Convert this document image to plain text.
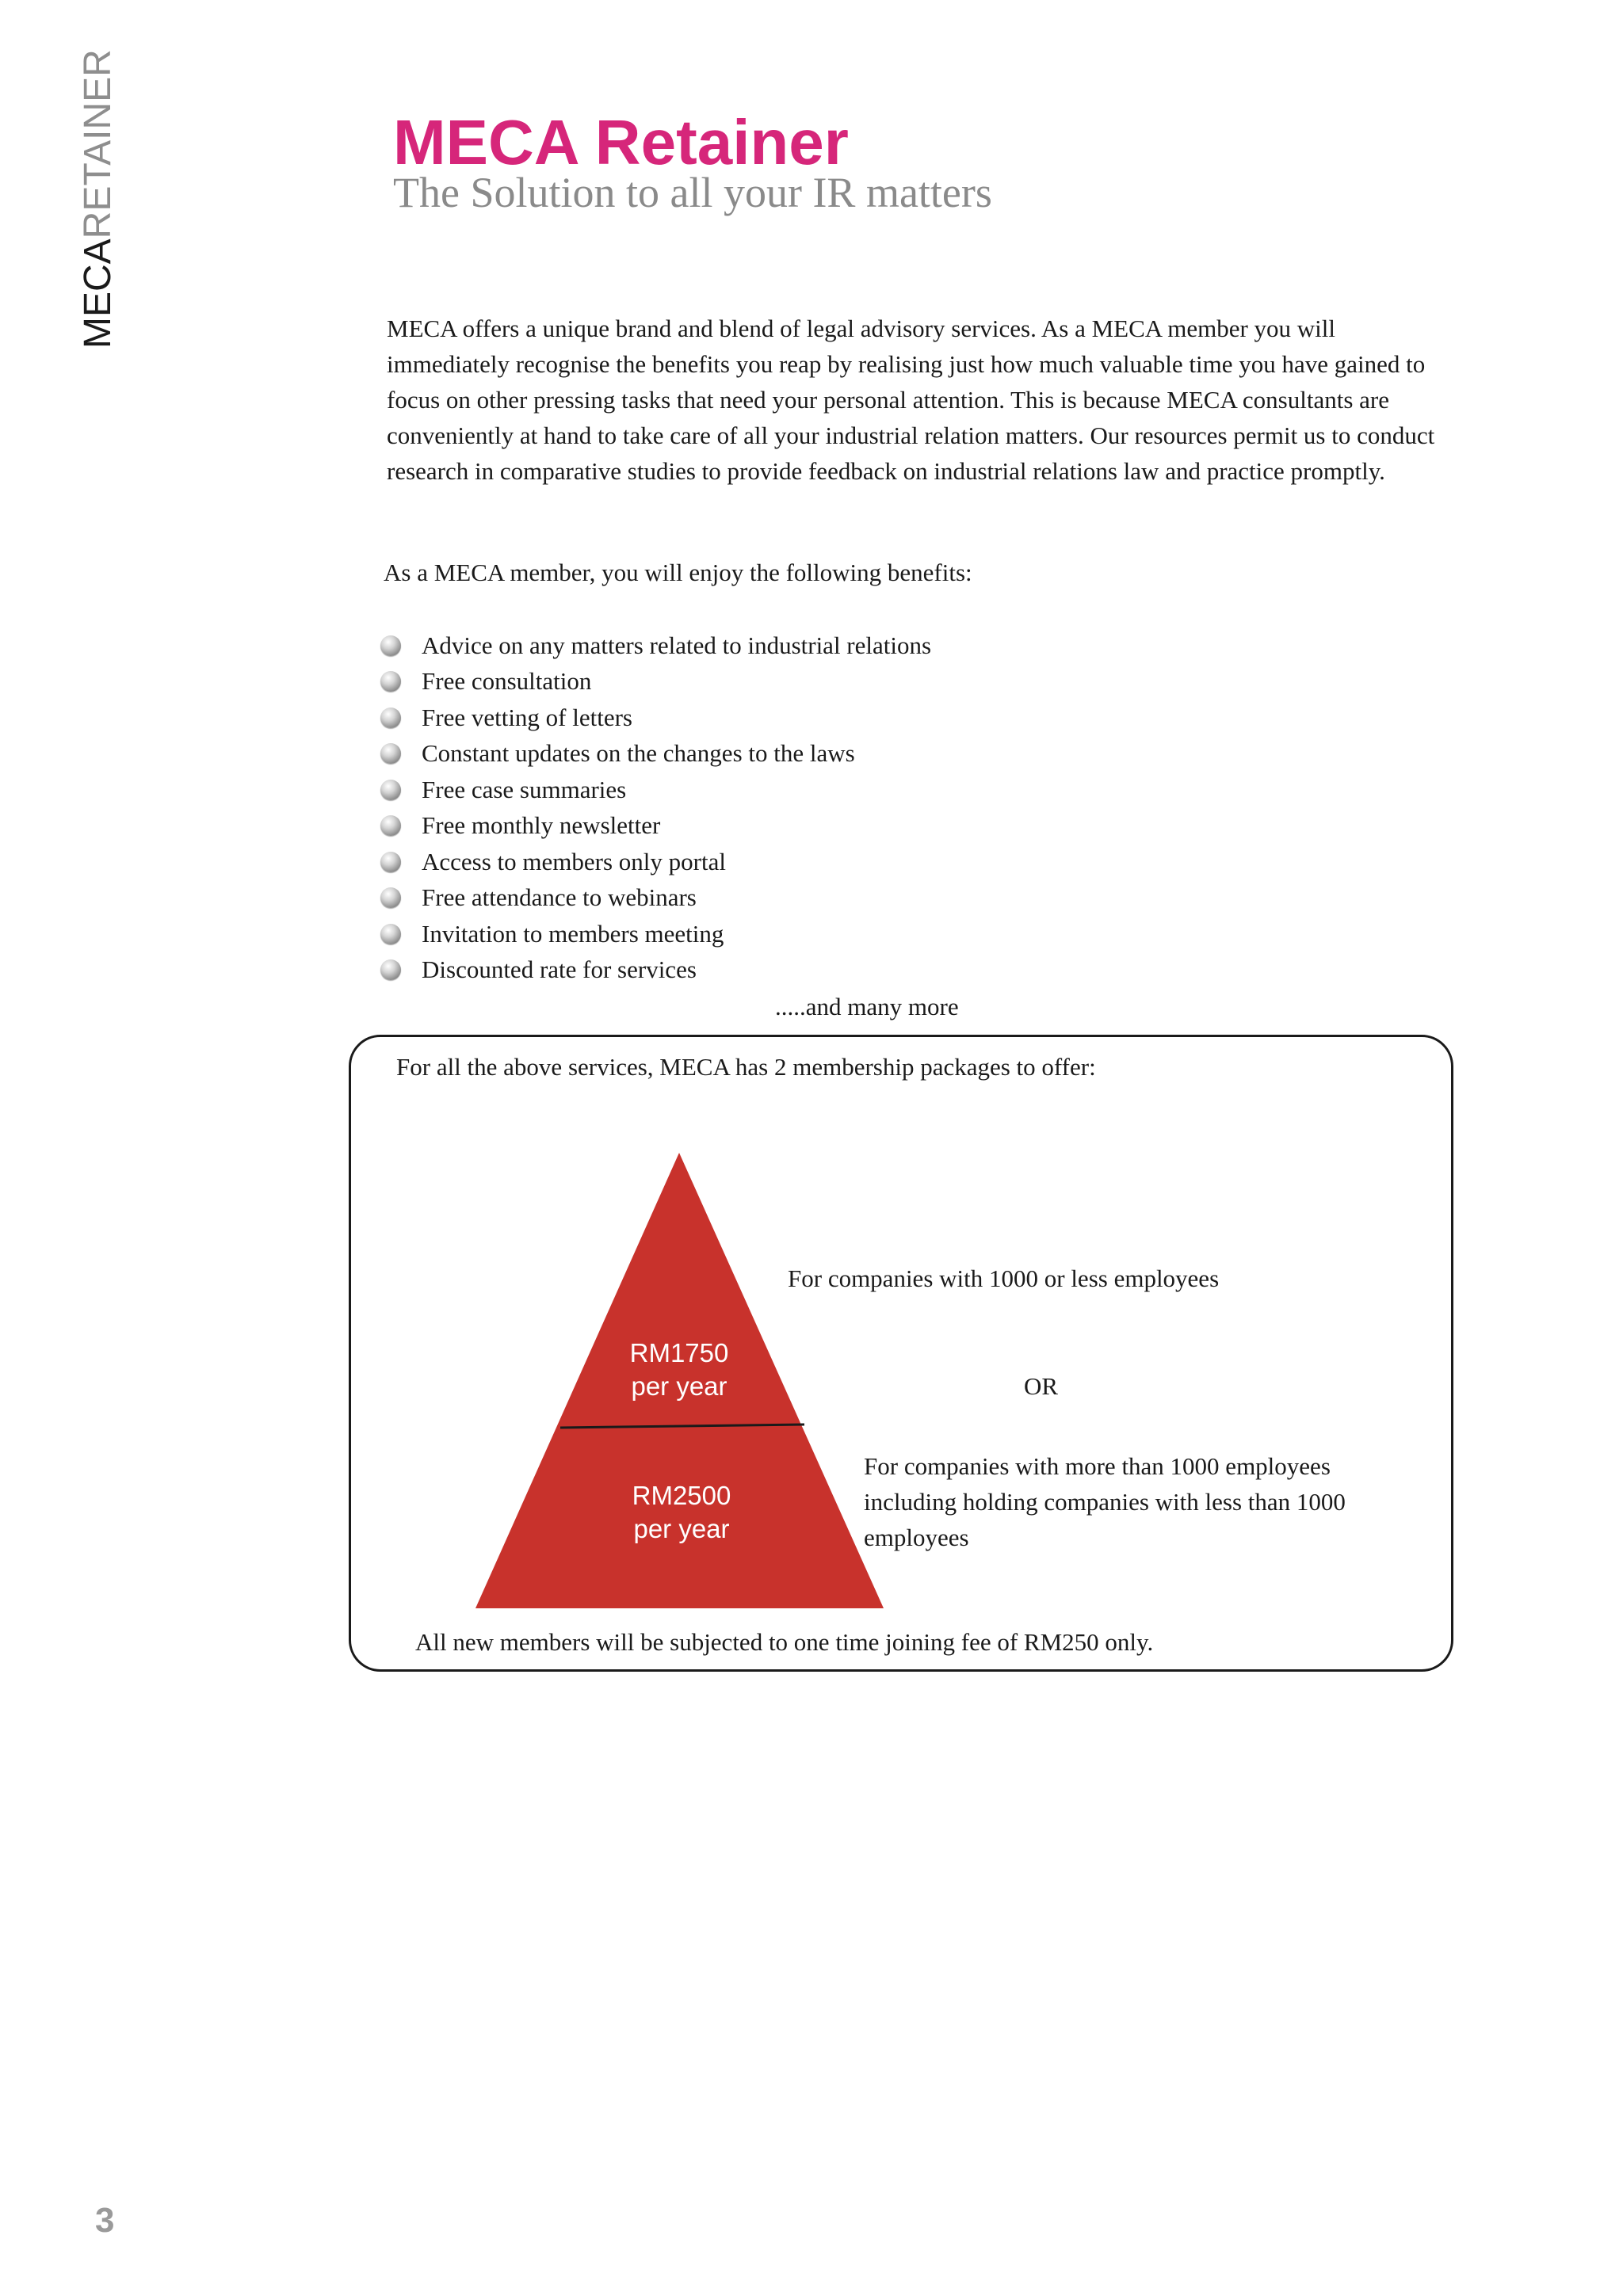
MECARETAINER	MECA Retainer
The Solution to all your IR matters
MECA offers a unique brand and blend of legal advisory services. As a MECA member you will immediately recognise the benefits you reap by realising just how much valuable time you have gained to focus on other pressing tasks that need your personal attention. This is because MECA consultants are conveniently at hand to take care of all your industrial relation matters. Our resources permit us to conduct research in comparative studies to provide feedback on industrial relations law and practice promptly.
As a MECA member, you will enjoy the following benefits:
Advice on any matters related to industrial relations
Free consultation
Free vetting of letters
Constant updates on the changes to the laws
Free case summaries
Free monthly newsletter
Access to members only portal
Free attendance to webinars
Invitation to members meeting
Discounted rate for services
.....and many more
For all the above services, MECA has 2 membership packages to offer:
RM1750
per year
RM2500
per year
For companies with 1000 or less employees
OR
For companies with more than 1000 employees including holding companies with less than 1000 employees
All new members will be subjected to one time joining fee of RM250 only.
3
